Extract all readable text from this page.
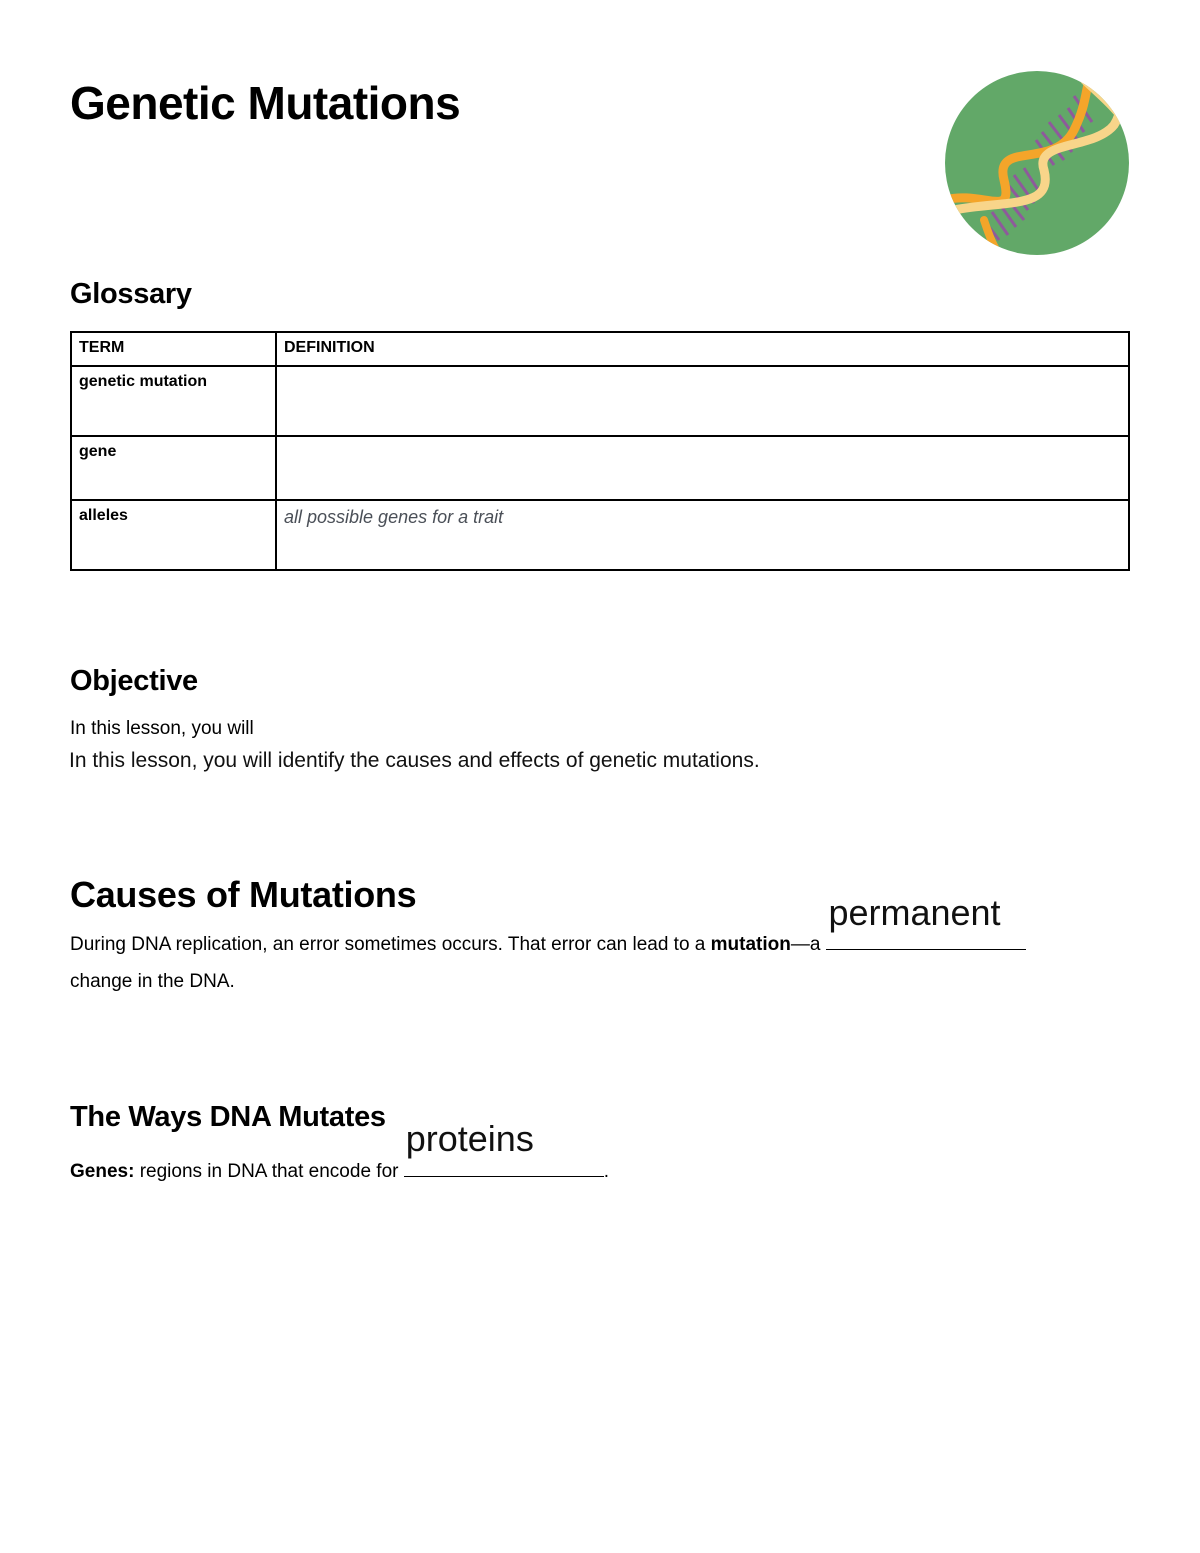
Genetic Mutations
Glossary
TERM	DEFINITION
genetic mutation	
gene	
alleles	all possible genes for a trait
Objective

In this lesson, you will

In this lesson, you will identify the causes and effects of genetic mutations.

Causes of Mutations

During DNA replication, an error sometimes occurs. That error can lead to a mutation—a
permanent

change in the DNA.

The Ways DNA Mutates

Genes: regions in DNA that encode for
proteins
.
